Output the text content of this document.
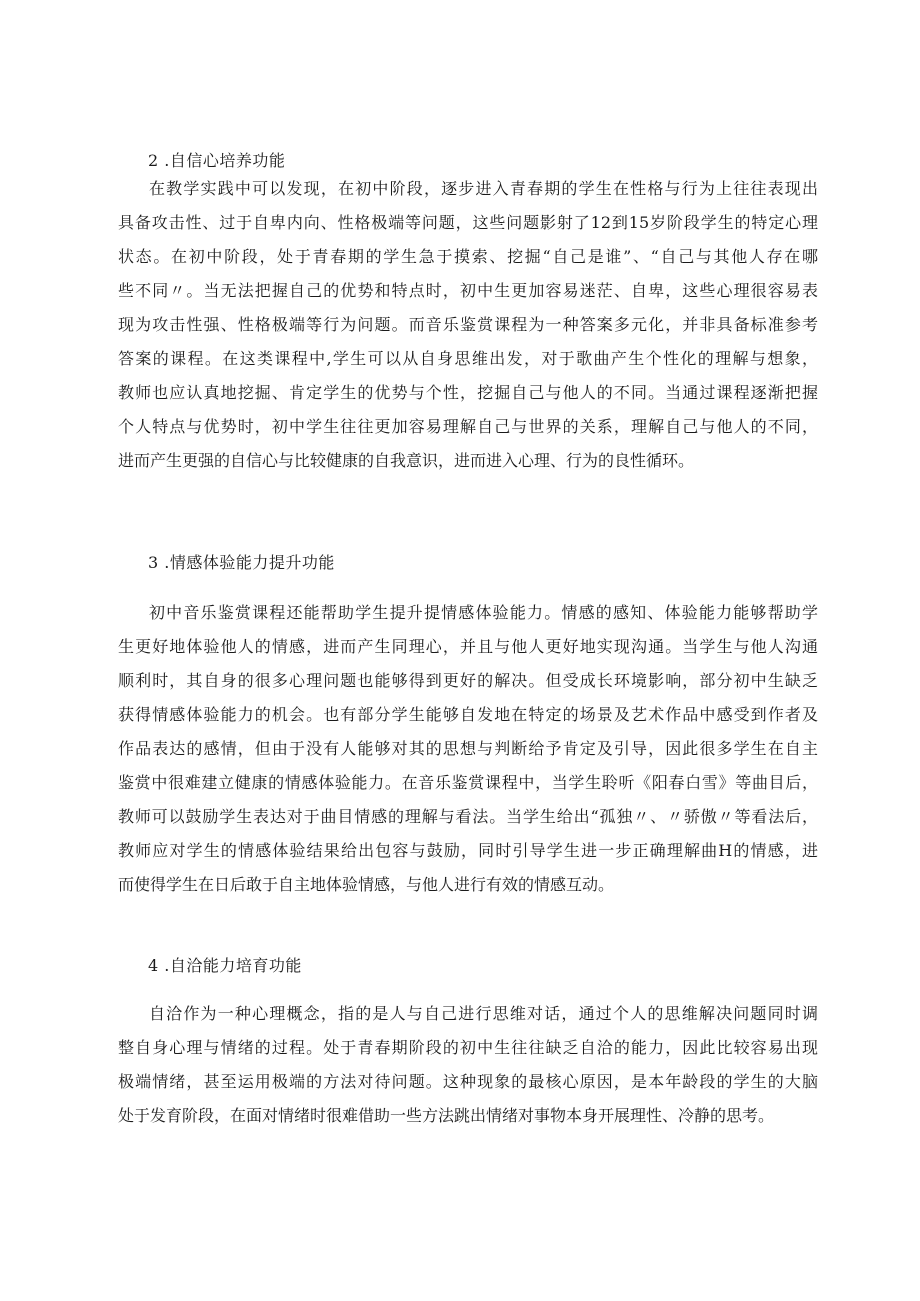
2 .自信心培养功能
在教学实践中可以发现，在初中阶段，逐步进入青春期的学生在性格与行为上往往表现出
具备攻击性、过于自卑内向、性格极端等问题，这些问题影射了12到15岁阶段学生的特定心理
状态。在初中阶段，处于青春期的学生急于摸索、挖掘“自己是谁”、“自己与其他人存在哪
些不同〃。当无法把握自己的优势和特点时，初中生更加容易迷茫、自卑，这些心理很容易表
现为攻击性强、性格极端等行为问题。而音乐鉴赏课程为一种答案多元化，并非具备标准参考
答案的课程。在这类课程中,学生可以从自身思维出发，对于歌曲产生个性化的理解与想象，
教师也应认真地挖掘、肯定学生的优势与个性，挖掘自己与他人的不同。当通过课程逐渐把握
个人特点与优势时，初中学生往往更加容易理解自己与世界的关系，理解自己与他人的不同，
进而产生更强的自信心与比较健康的自我意识，进而进入心理、行为的良性循环。
3 .情感体验能力提升功能
初中音乐鉴赏课程还能帮助学生提升提情感体验能力。情感的感知、体验能力能够帮助学
生更好地体验他人的情感，进而产生同理心，并且与他人更好地实现沟通。当学生与他人沟通
顺利时，其自身的很多心理问题也能够得到更好的解决。但受成长环境影响，部分初中生缺乏
获得情感体验能力的机会。也有部分学生能够自发地在特定的场景及艺术作品中感受到作者及
作品表达的感情，但由于没有人能够对其的思想与判断给予肯定及引导，因此很多学生在自主
鉴赏中很难建立健康的情感体验能力。在音乐鉴赏课程中，当学生聆听《阳春白雪》等曲目后，
教师可以鼓励学生表达对于曲目情感的理解与看法。当学生给出“孤独〃、〃骄傲〃等看法后，
教师应对学生的情感体验结果给出包容与鼓励，同时引导学生进一步正确理解曲H的情感，进
而使得学生在日后敢于自主地体验情感，与他人进行有效的情感互动。
4 .自洽能力培育功能
自洽作为一种心理概念，指的是人与自己进行思维对话，通过个人的思维解决问题同时调
整自身心理与情绪的过程。处于青春期阶段的初中生往往缺乏自洽的能力，因此比较容易出现
极端情绪，甚至运用极端的方法对待问题。这种现象的最核心原因，是本年龄段的学生的大脑
处于发育阶段，在面对情绪时很难借助一些方法跳出情绪对事物本身开展理性、冷静的思考。
